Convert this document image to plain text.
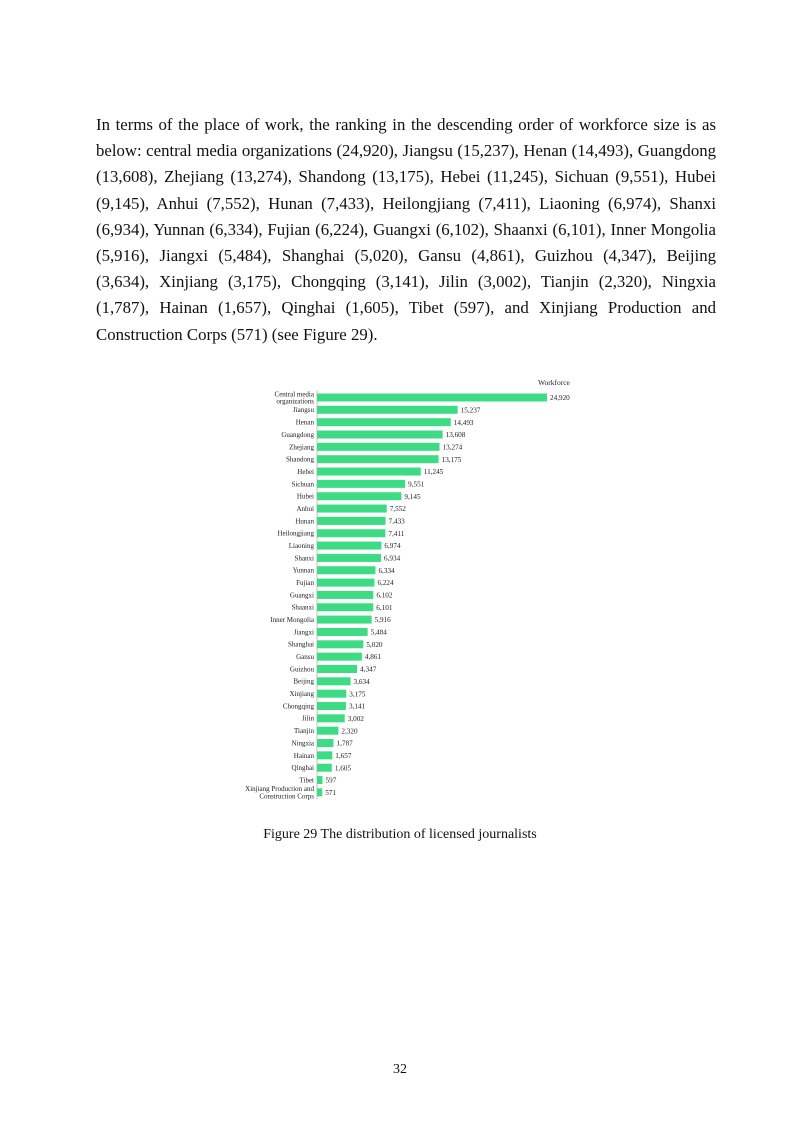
In terms of the place of work, the ranking in the descending order of workforce size is as below: central media organizations (24,920), Jiangsu (15,237), Henan (14,493), Guangdong (13,608), Zhejiang (13,274), Shandong (13,175), Hebei (11,245), Sichuan (9,551), Hubei (9,145), Anhui (7,552), Hunan (7,433), Heilongjiang (7,411), Liaoning (6,974), Shanxi (6,934), Yunnan (6,334), Fujian (6,224), Guangxi (6,102), Shaanxi (6,101), Inner Mongolia (5,916), Jiangxi (5,484), Shanghai (5,020), Gansu (4,861), Guizhou (4,347), Beijing (3,634), Xinjiang (3,175), Chongqing (3,141), Jilin (3,002), Tianjin (2,320), Ningxia (1,787), Hainan (1,657), Qinghai (1,605), Tibet (597), and Xinjiang Production and Construction Corps (571) (see Figure 29).

Workforce
24,920
Central media organizations
15,237
Jiangsu
14,493
Henan
13,608
Guangdong
13,274
Zhejiang
13,175
Shandong
11,245
Hebei
9,551
Sichuan
9,145
Hubei
7,552
Anhui
7,433
Hunan
7,411
Heilongjiang
6,974
Liaoning
6,934
Shanxi
6,334
Yunnan
6,224
Fujian
6,102
Guangxi
6,101
Shaanxi
5,916
Inner Mongolia
5,484
Jiangxi
5,020
Shanghai
4,861
Gansu
4,347
Guizhou
3,634
Beijing
3,175
Xinjiang
3,141
Chongqing
3,002
Jilin
2,320
Tianjin
1,787
Ningxia
1,657
Hainan
1,605
Qinghai
597
Tibet
571
Xinjiang Production and Construction Corps
Figure 29 The distribution of licensed journalists
32
